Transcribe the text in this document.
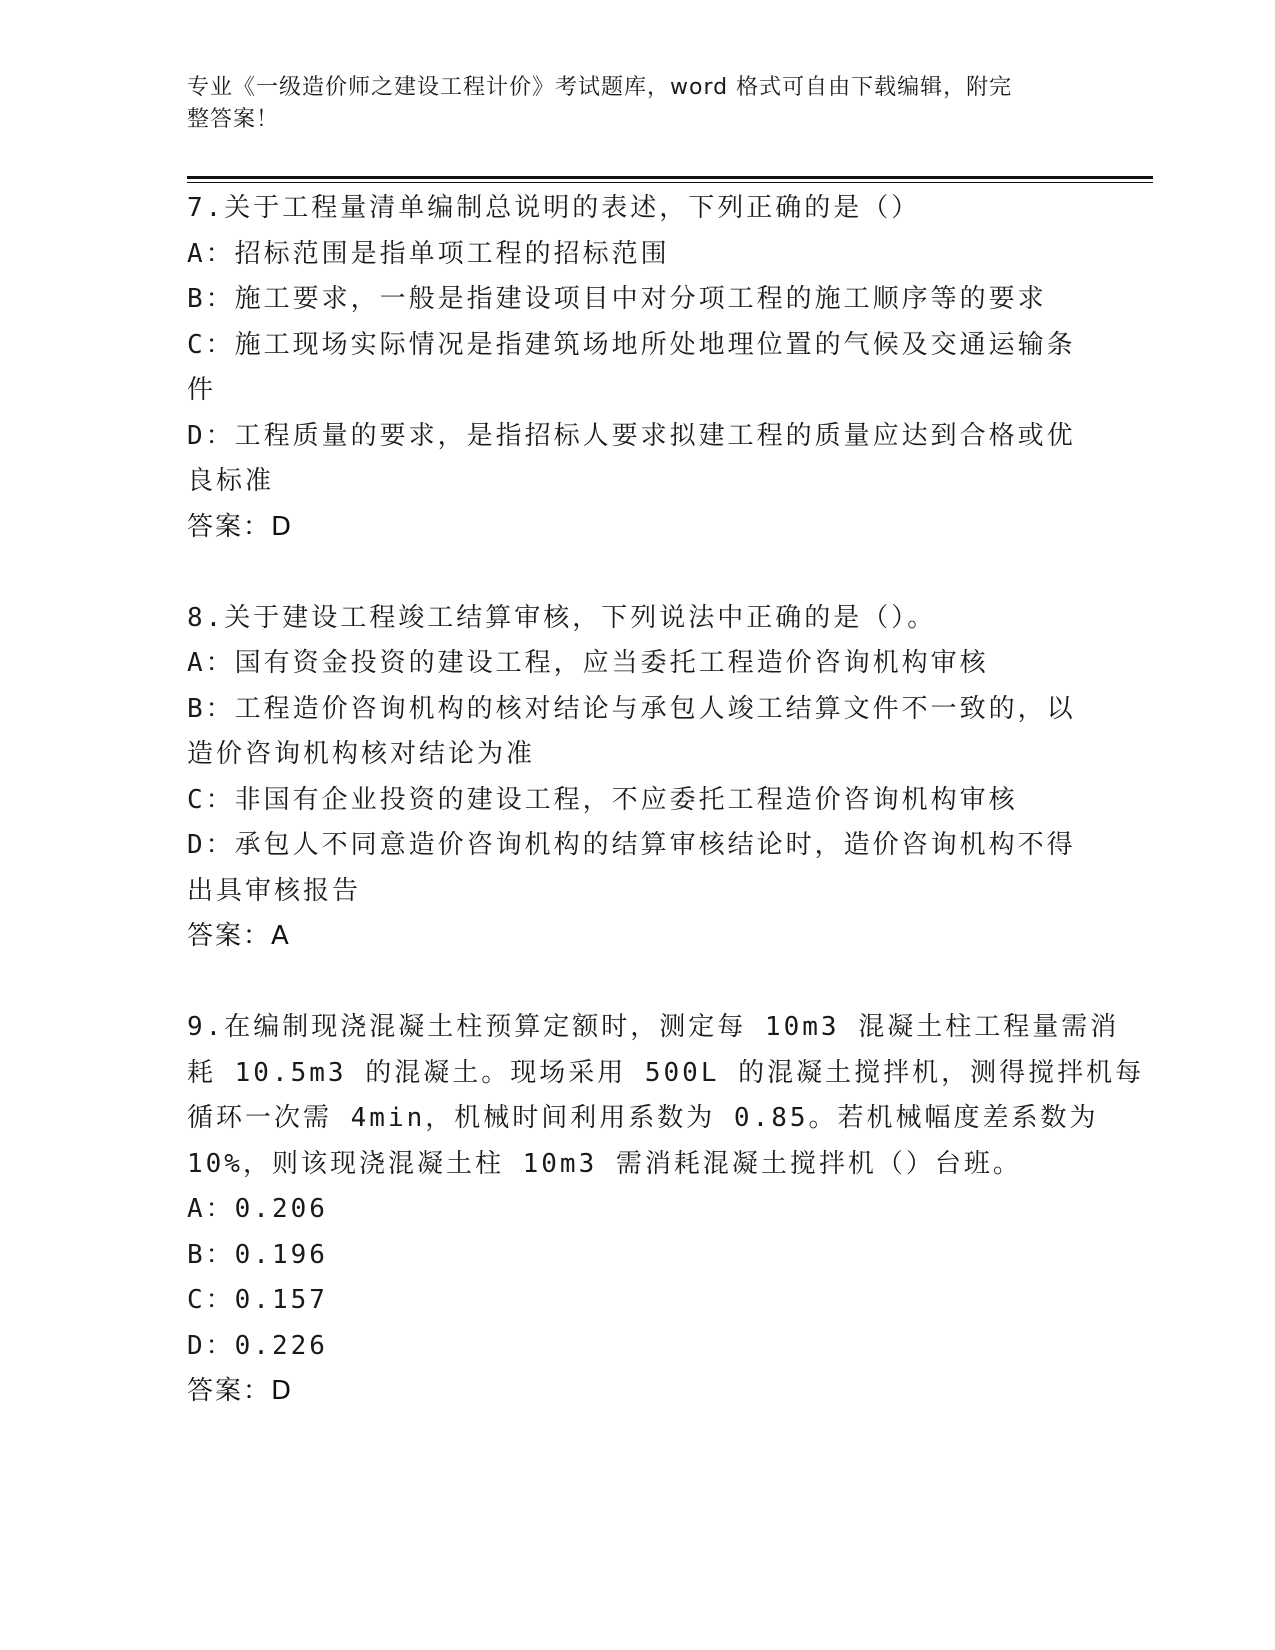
专业《一级造价师之建设工程计价》考试题库，word 格式可自由下载编辑，附完
整答案！
7.关于工程量清单编制总说明的表述，下列正确的是（）
A：招标范围是指单项工程的招标范围
B：施工要求，一般是指建设项目中对分项工程的施工顺序等的要求
C：施工现场实际情况是指建筑场地所处地理位置的气候及交通运输条
件
D：工程质量的要求，是指招标人要求拟建工程的质量应达到合格或优
良标准
答案：D
8.关于建设工程竣工结算审核，下列说法中正确的是（）。
A：国有资金投资的建设工程，应当委托工程造价咨询机构审核
B：工程造价咨询机构的核对结论与承包人竣工结算文件不一致的，以
造价咨询机构核对结论为准
C：非国有企业投资的建设工程，不应委托工程造价咨询机构审核
D：承包人不同意造价咨询机构的结算审核结论时，造价咨询机构不得
出具审核报告
答案：A
9.在编制现浇混凝土柱预算定额时，测定每 10m3 混凝土柱工程量需消
耗 10.5m3 的混凝土。现场采用 500L 的混凝土搅拌机，测得搅拌机每
循环一次需 4min，机械时间利用系数为 0.85。若机械幅度差系数为
10%，则该现浇混凝土柱 10m3 需消耗混凝土搅拌机（）台班。
A：0.206
B：0.196
C：0.157
D：0.226
答案：D
